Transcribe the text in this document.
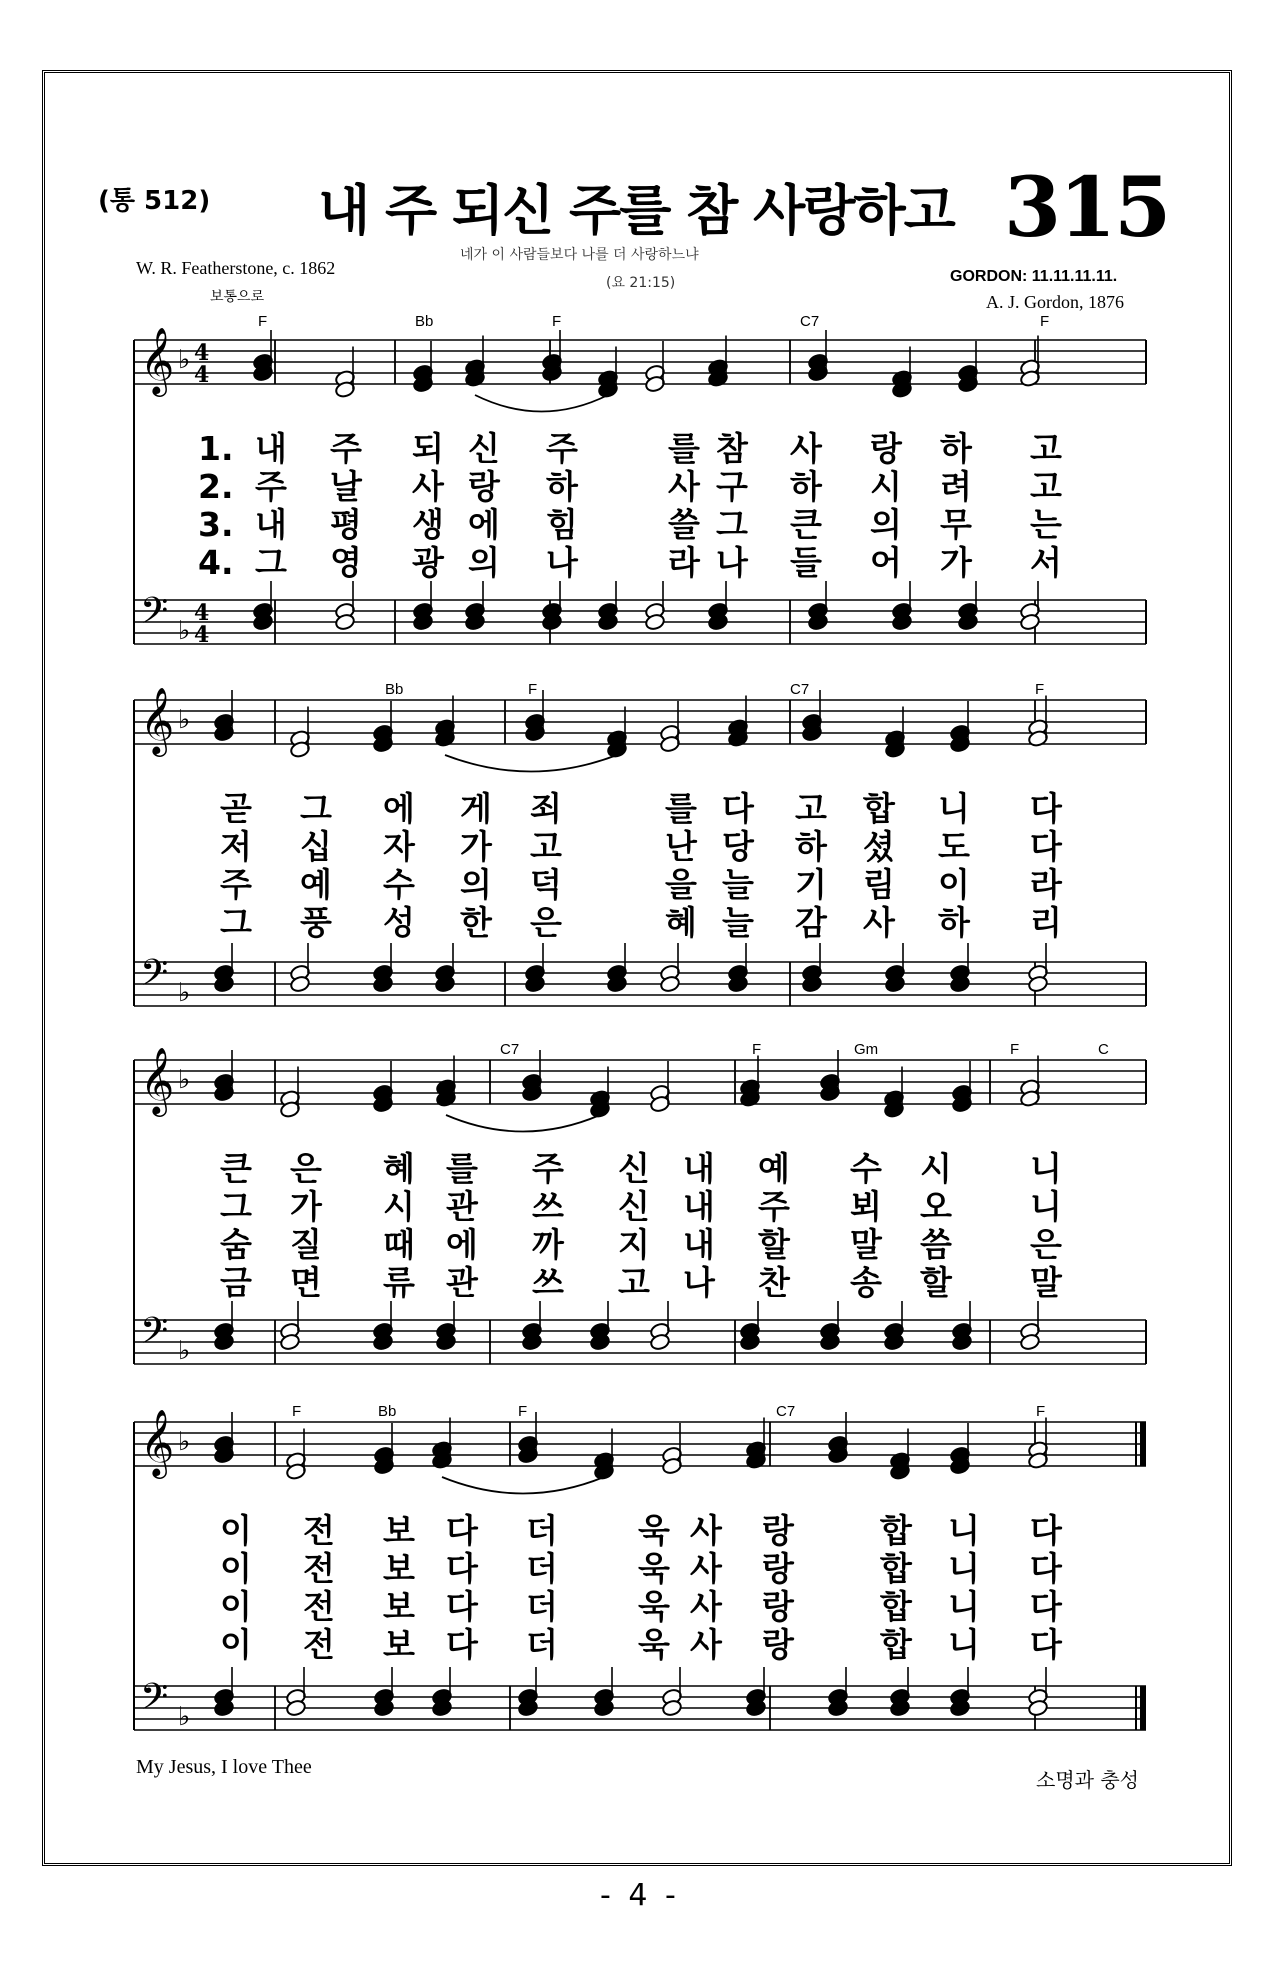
(통 512) 내 주 되신 주를 참 사랑하고 315
W. R. Featherstone, c. 1862
보통으로
네가 이 사람들보다 나를 더 사랑하느냐
(요 21:15)	GORDON: 11.11.11.11.
A. J. Gordon, 1876
𝄞 ♭ 4
4
𝄢 ♭
4
4
F	Bb	F	C7	F
𝄞 ♭
𝄢 ♭
Bb	F	C7	F
𝄞 ♭
𝄢 ♭
C7	F	Gm	F	C
𝄞 ♭
𝄢 ♭
F	Bb	F	C7	F
1. 내 주 되 신 주	를 참 사 랑 하 고
2. 주 날 사 랑 하	사 구 하 시 려 고
3. 내 평 생 에 힘	쓸 그 큰 의 무 는
4. 그 영 광 의 나	라 나 들 어 가 서
곧 그 에 게 죄	를 다 고 합 니 다
저 십 자 가 고	난 당 하 셨 도 다
주 예 수 의 덕	을 늘 기 림 이 라
그 풍 성 한 은	혜 늘 감 사 하 리
큰 은 혜 를 주 신 내 예 수 시 니
그 가 시 관 쓰 신 내 주 뵈 오 니
숨 질 때 에 까 지 내 할 말 씀 은
금 면 류 관 쓰 고 나 찬 송 할 말
이 전 보 다 더 욱 사 랑	합 니 다
이 전 보 다 더 욱 사 랑	합 니 다
이 전 보 다 더 욱 사 랑	합 니 다
이 전 보 다 더 욱 사 랑	합 니 다
My Jesus, I love Thee
소명과 충성
- 4 -
